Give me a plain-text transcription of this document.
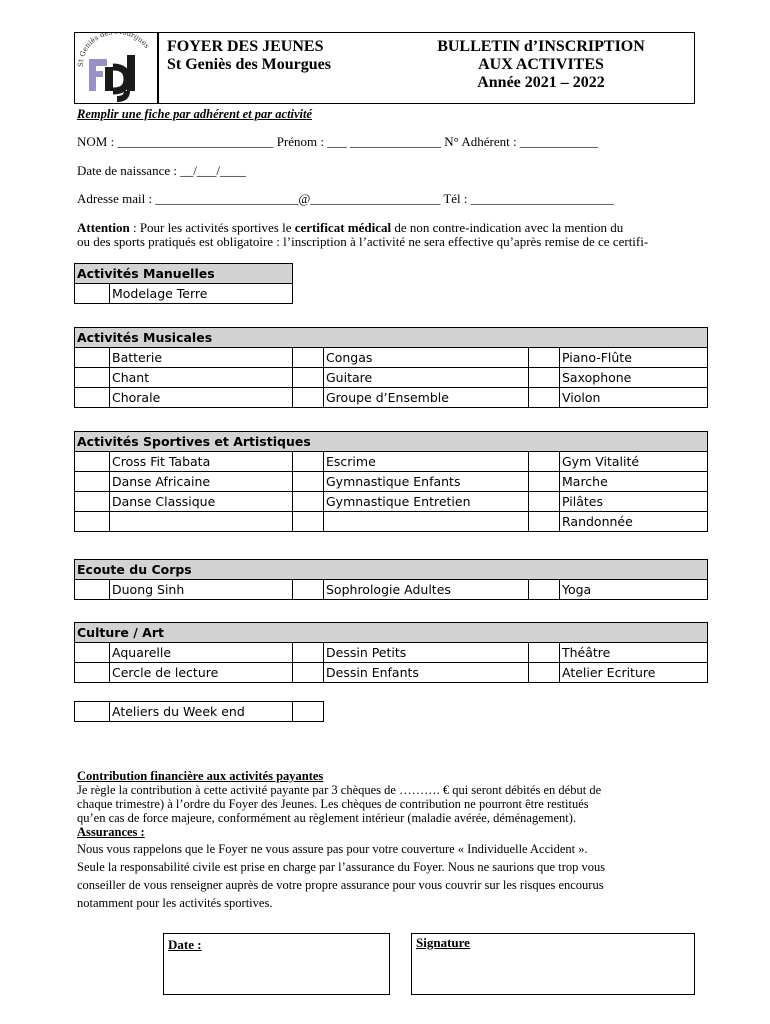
St Geniès de urgues FOYER DES JEUNES
St Geniès des Mourgues
BULLETIN d’INSCRIPTION
AUX ACTIVITES
Année 2021 – 2022
Remplir une fiche par adhérent et par activité
NOM : ________________________ Prénom : ___ ______________ N° Adhérent : ____________
Date de naissance : __/___/____
Adresse mail : ______________________@____________________ Tél : ______________________
Attention : Pour les activités sportives le certificat médical de non contre-indication avec la mention du
ou des sports pratiqués est obligatoire : l’inscription à l’activité ne sera effective qu’après remise de ce certifi-
Activités Manuelles
	Modelage Terre
Activités Musicales					
	Batterie		Congas		Piano-Flûte
	Chant		Guitare		Saxophone
	Chorale		Groupe d’Ensemble		Violon
Activités Sportives et Artistiques					
	Cross Fit Tabata		Escrime		Gym Vitalité
	Danse Africaine		Gymnastique Enfants		Marche
	Danse Classique		Gymnastique Entretien		Pilâtes
					Randonnée
Ecoute du Corps
	Duong Sinh		Sophrologie Adultes		Yoga
Culture / Art					
	Aquarelle		Dessin Petits		Théâtre
	Cercle de lecture		Dessin Enfants		Atelier Ecriture
	Ateliers du Week end	
Contribution financière aux activités payantes
Je règle la contribution à cette activité payante par 3 chèques de ………. € qui seront débités en début de
chaque trimestre) à l’ordre du Foyer des Jeunes. Les chèques de contribution ne pourront être restitués
qu’en cas de force majeure, conformément au règlement intérieur (maladie avérée, déménagement).
Assurances :
Nous vous rappelons que le Foyer ne vous assure pas pour votre couverture « Individuelle Accident ».
Seule la responsabilité civile est prise en charge par l’assurance du Foyer. Nous ne saurions que trop vous
conseiller de vous renseigner auprès de votre propre assurance pour vous couvrir sur les risques encourus
notamment pour les activités sportives.
Date :	Signature
